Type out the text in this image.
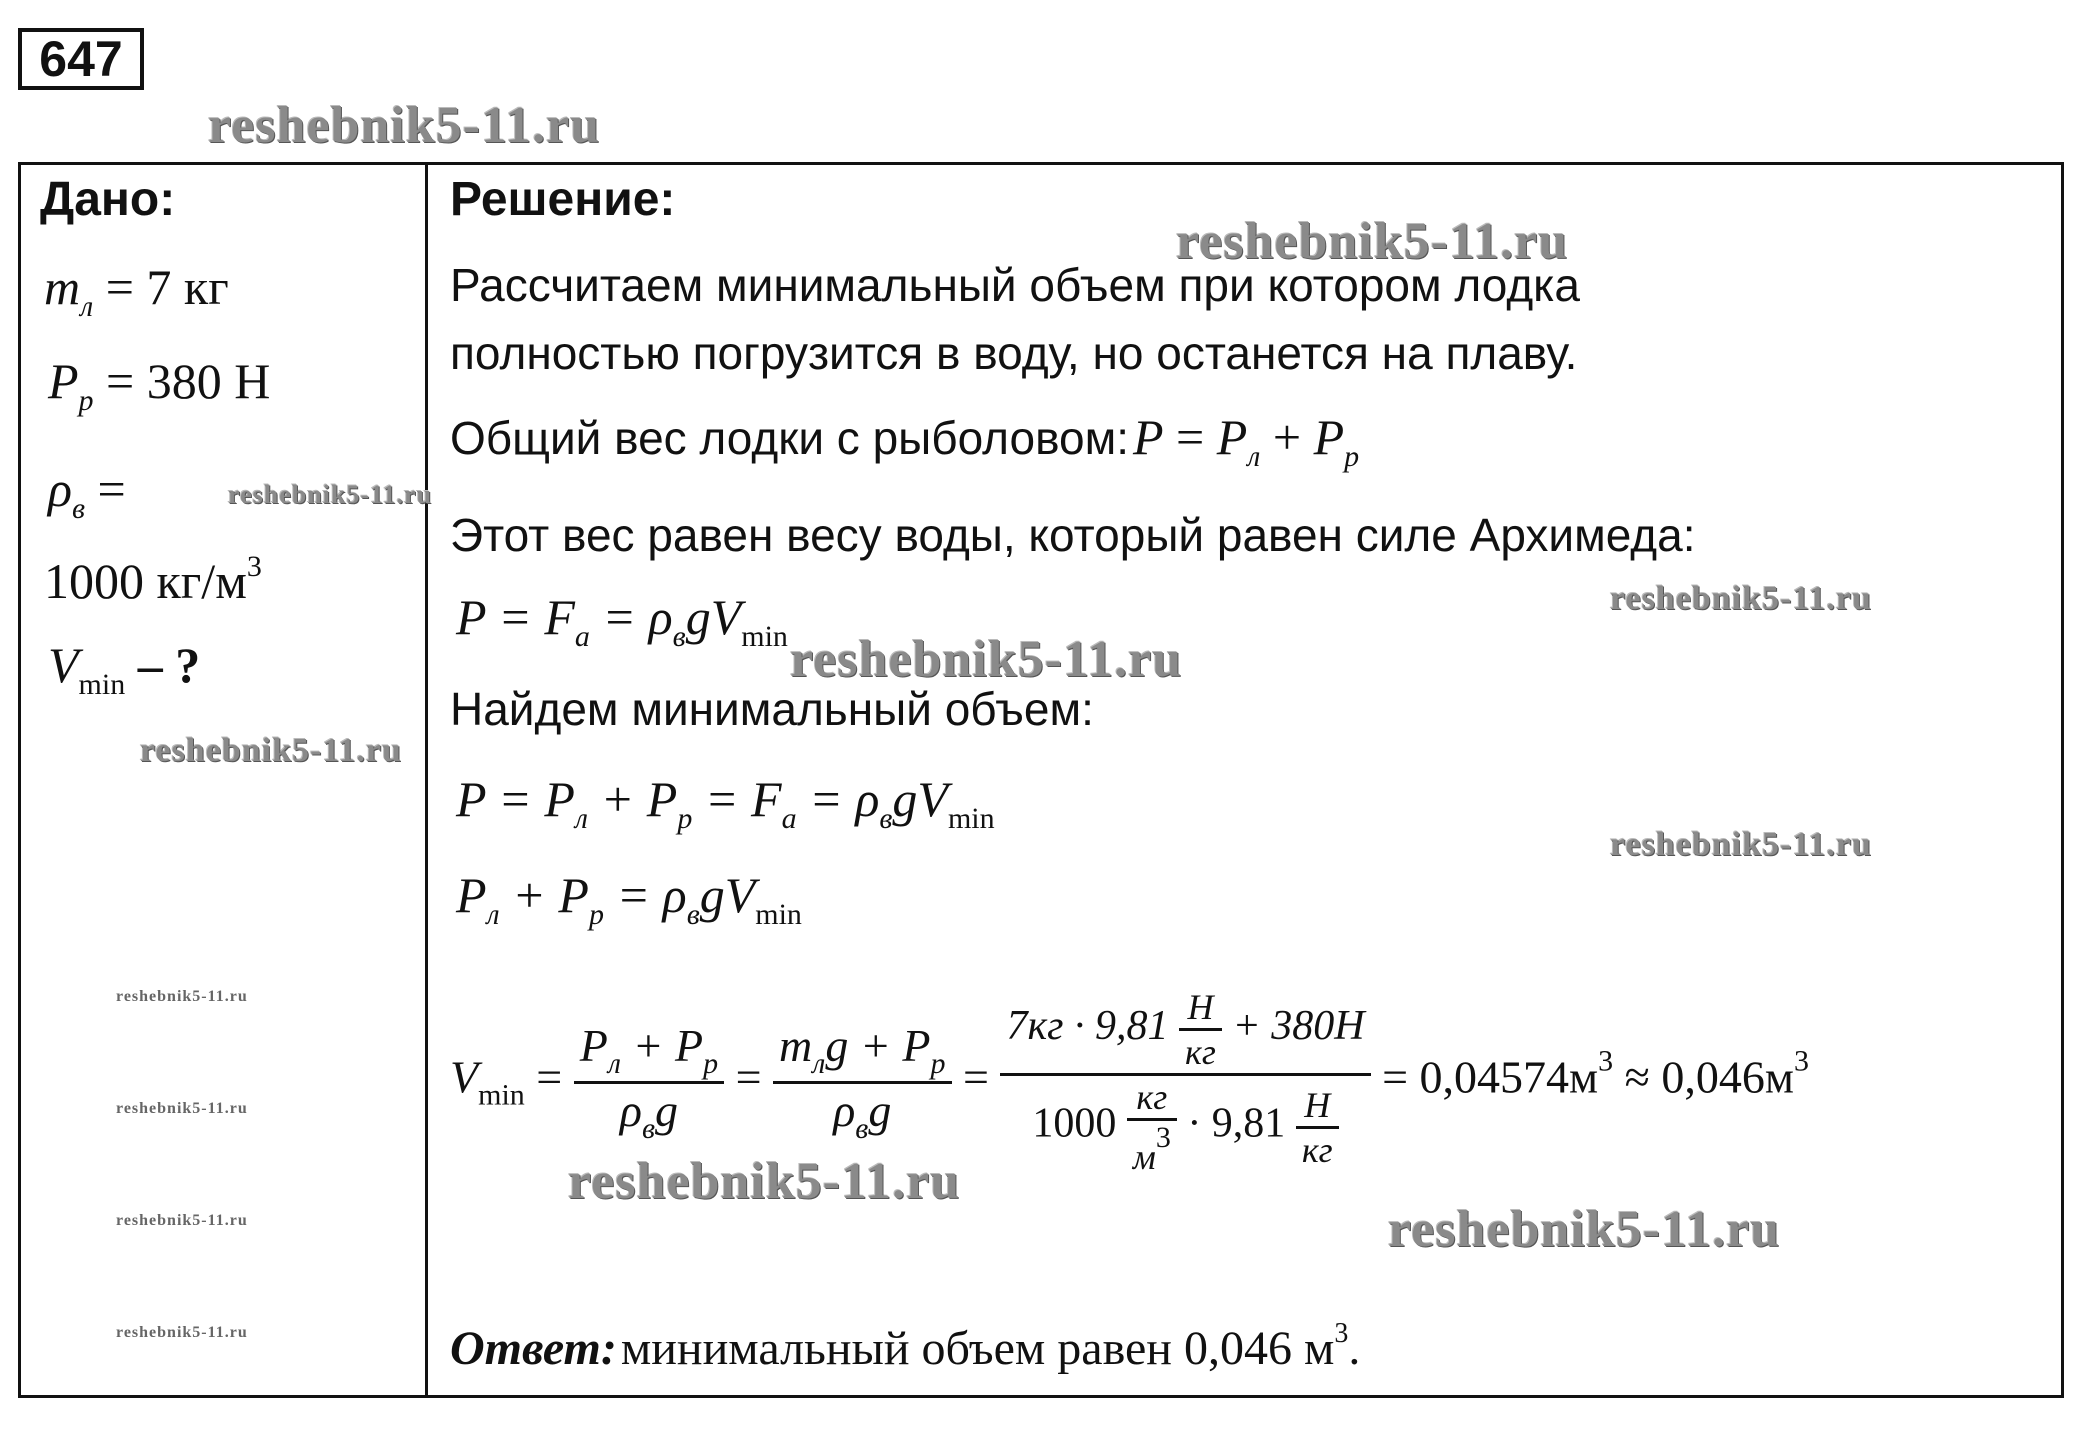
647
Дано:
$m_л = 7$ кг
$P_р = 380$ Н
$\rho_в$ =
1000 $кг/м^3$
$V_{min}$ – ?
Решение:
Рассчитаем минимальный объем при котором лодка
полностью погрузится в воду, но останется на плаву.
Общий вес лодки с рыболовом: $P = P_л + P_р$
Этот вес равен весу воды, который равен силе Архимеда:
$P = F_а = \rho_вgV_{min}$
Найдем минимальный объем:
$P = P_л + P_р = F_а = \rho_вgV_{min}$
$P_л + P_р = \rho_вgV_{min}$
$V_{min} = \frac{P_л + P_р}{\rho_вg} = \frac{m_лg + P_р}{\rho_вg} = \frac{7кг \cdot 9,81 \frac{Н}{кг} + 380Н}{1000 \frac{кг}{м^3} \cdot 9,81 \frac{Н}{кг}} = 0,04574м^3 \approx 0,046м^3$
Ответ: минимальный объем равен 0,046 м3.
reshebnik5-11.ru
reshebnik5-11.ru
reshebnik5-11.ru
reshebnik5-11.ru
reshebnik5-11.ru
reshebnik5-11.ru
reshebnik5-11.ru
reshebnik5-11.ru
reshebnik5-11.ru
reshebnik5-11.ru
reshebnik5-11.ru	reshebnik5-11.ru
reshebnik5-11.ru
